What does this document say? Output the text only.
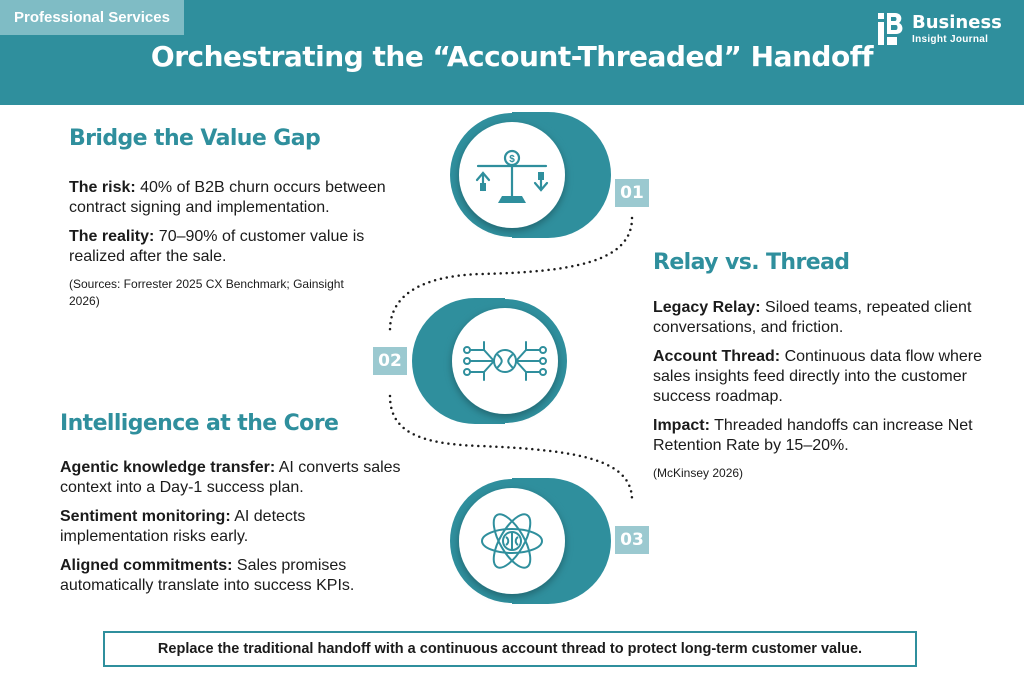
Professional Services
Orchestrating the “Account-Threaded” Handoff
Business
Insight Journal
$
01
02
03
Bridge the Value Gap

The risk: 40% of B2B churn occurs between contract signing and implementation.

The reality: 70–90% of customer value is realized after the sale.

(Sources: Forrester 2025 CX Benchmark; Gainsight 2026)

Relay vs. Thread

Legacy Relay: Siloed teams, repeated client conversations, and friction.

Account Thread: Continuous data flow where sales insights feed directly into the customer success roadmap.

Impact: Threaded handoffs can increase Net Retention Rate by 15–20%.

(McKinsey 2026)

Intelligence at the Core

Agentic knowledge transfer: AI converts sales context into a Day-1 success plan.

Sentiment monitoring: AI detects implementation risks early.

Aligned commitments: Sales promises automatically translate into success KPIs.

Replace the traditional handoff with a continuous account thread to protect long-term customer value.
